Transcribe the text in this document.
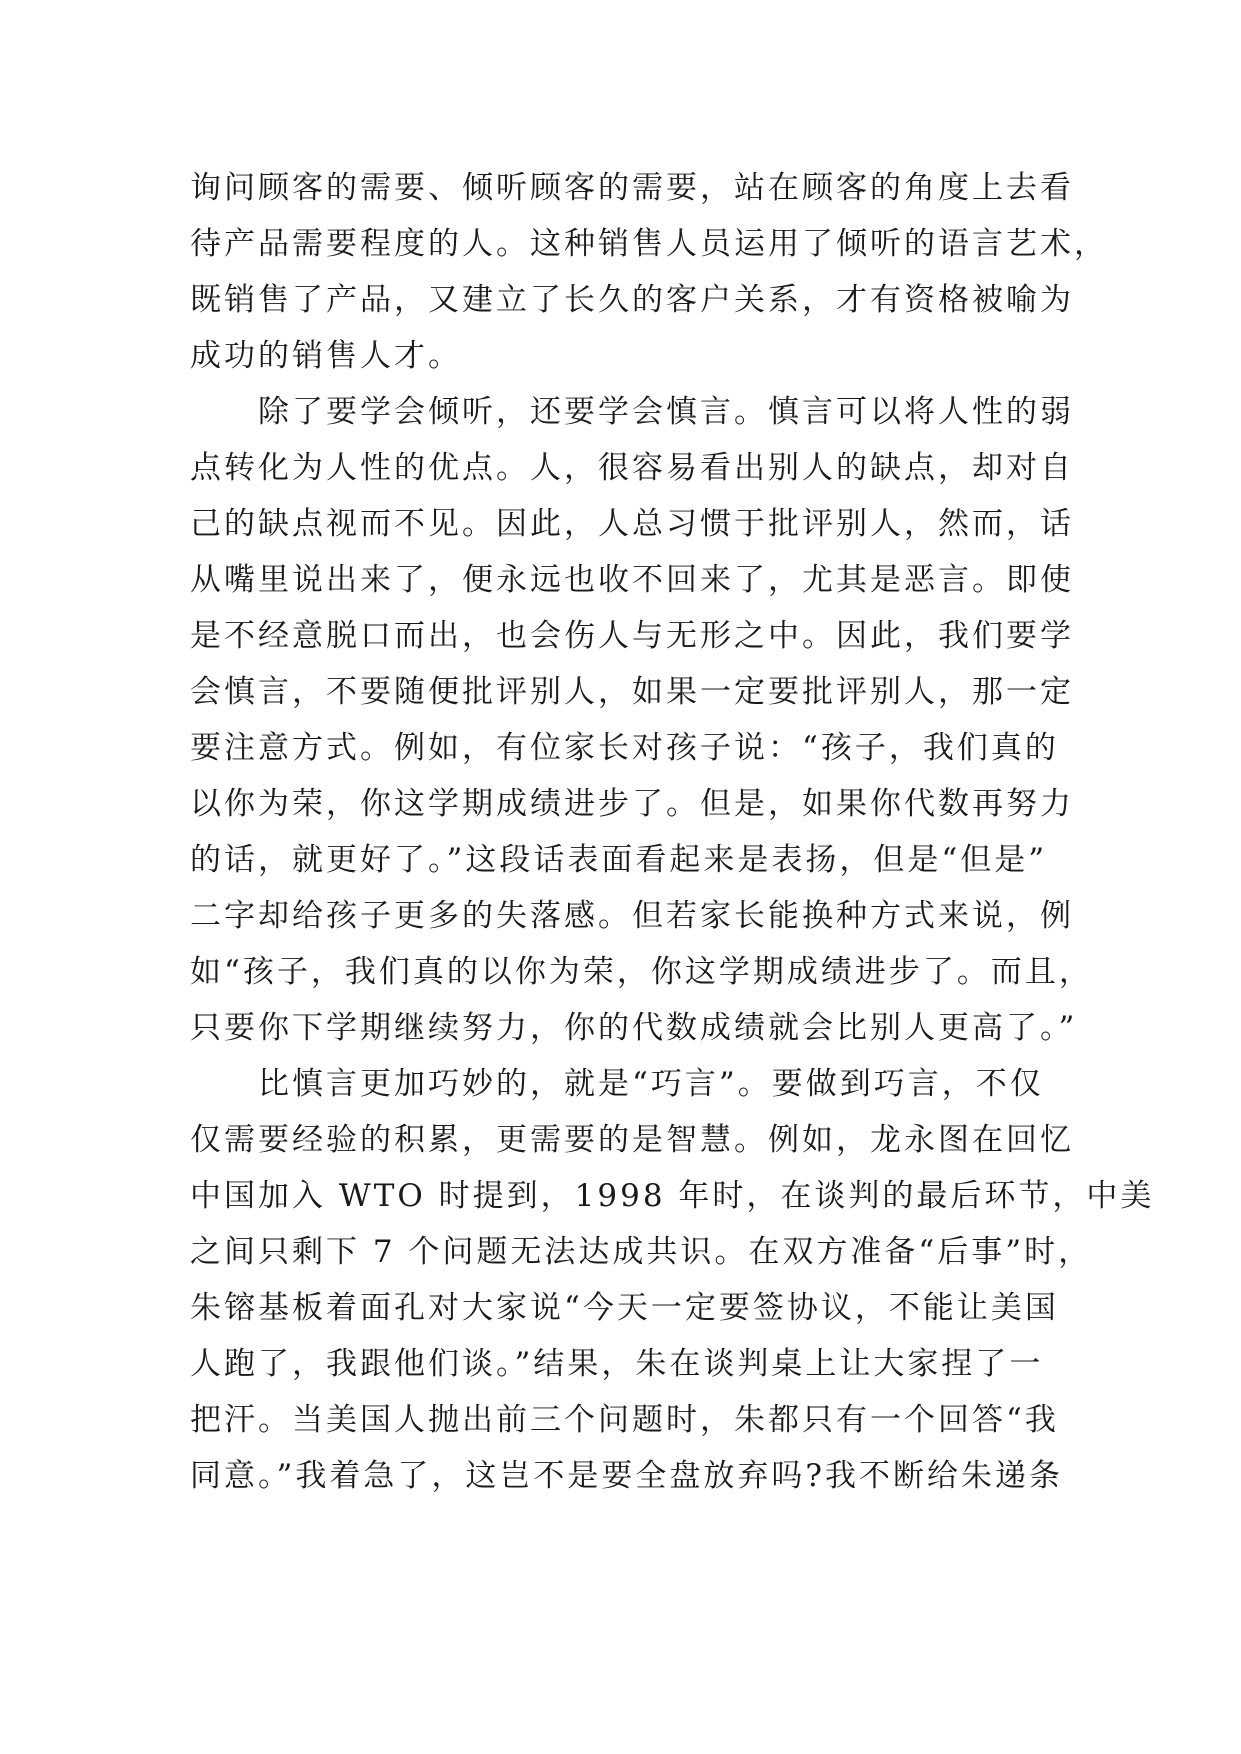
询问顾客的需要、倾听顾客的需要，站在顾客的角度上去看
待产品需要程度的人。这种销售人员运用了倾听的语言艺术，
既销售了产品，又建立了长久的客户关系，才有资格被喻为
成功的销售人才。
除了要学会倾听，还要学会慎言。慎言可以将人性的弱
点转化为人性的优点。人，很容易看出别人的缺点，却对自
己的缺点视而不见。因此，人总习惯于批评别人，然而，话
从嘴里说出来了，便永远也收不回来了，尤其是恶言。即使
是不经意脱口而出，也会伤人与无形之中。因此，我们要学
会慎言，不要随便批评别人，如果一定要批评别人，那一定
要注意方式。例如，有位家长对孩子说：“孩子，我们真的
以你为荣，你这学期成绩进步了。但是，如果你代数再努力
的话，就更好了。”这段话表面看起来是表扬，但是“但是”
二字却给孩子更多的失落感。但若家长能换种方式来说，例
如“孩子，我们真的以你为荣，你这学期成绩进步了。而且，
只要你下学期继续努力，你的代数成绩就会比别人更高了。”
比慎言更加巧妙的，就是“巧言”。要做到巧言，不仅
仅需要经验的积累，更需要的是智慧。例如，龙永图在回忆
中国加入 WTO 时提到，1998 年时，在谈判的最后环节，中美
之间只剩下 7 个问题无法达成共识。在双方准备“后事”时，
朱镕基板着面孔对大家说“今天一定要签协议，不能让美国
人跑了，我跟他们谈。”结果，朱在谈判桌上让大家捏了一
把汗。当美国人抛出前三个问题时，朱都只有一个回答“我
同意。”我着急了，这岂不是要全盘放弃吗?我不断给朱递条
